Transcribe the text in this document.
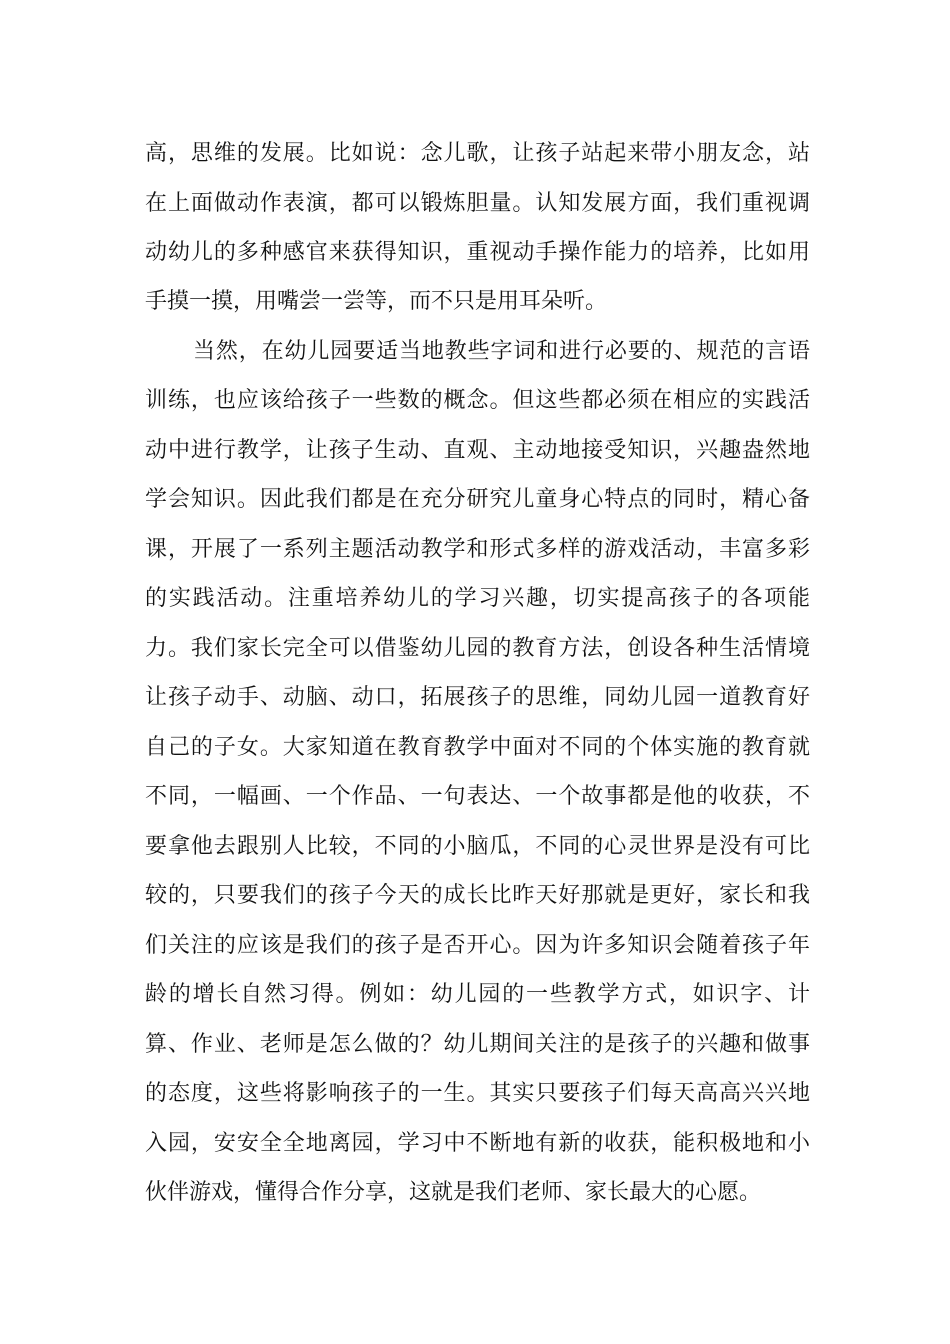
高，思维的发展。比如说：念儿歌，让孩子站起来带小朋友念，站
在上面做动作表演，都可以锻炼胆量。认知发展方面，我们重视调
动幼儿的多种感官来获得知识，重视动手操作能力的培养，比如用
手摸一摸，用嘴尝一尝等，而不只是用耳朵听。
当然，在幼儿园要适当地教些字词和进行必要的、规范的言语
训练，也应该给孩子一些数的概念。但这些都必须在相应的实践活
动中进行教学，让孩子生动、直观、主动地接受知识，兴趣盎然地
学会知识。因此我们都是在充分研究儿童身心特点的同时，精心备
课，开展了一系列主题活动教学和形式多样的游戏活动，丰富多彩
的实践活动。注重培养幼儿的学习兴趣，切实提高孩子的各项能
力。我们家长完全可以借鉴幼儿园的教育方法，创设各种生活情境
让孩子动手、动脑、动口，拓展孩子的思维，同幼儿园一道教育好
自己的子女。大家知道在教育教学中面对不同的个体实施的教育就
不同，一幅画、一个作品、一句表达、一个故事都是他的收获，不
要拿他去跟别人比较，不同的小脑瓜，不同的心灵世界是没有可比
较的，只要我们的孩子今天的成长比昨天好那就是更好，家长和我
们关注的应该是我们的孩子是否开心。因为许多知识会随着孩子年
龄的增长自然习得。例如：幼儿园的一些教学方式，如识字、计
算、作业、老师是怎么做的？幼儿期间关注的是孩子的兴趣和做事
的态度，这些将影响孩子的一生。其实只要孩子们每天高高兴兴地
入园，安安全全地离园，学习中不断地有新的收获，能积极地和小
伙伴游戏，懂得合作分享，这就是我们老师、家长最大的心愿。
